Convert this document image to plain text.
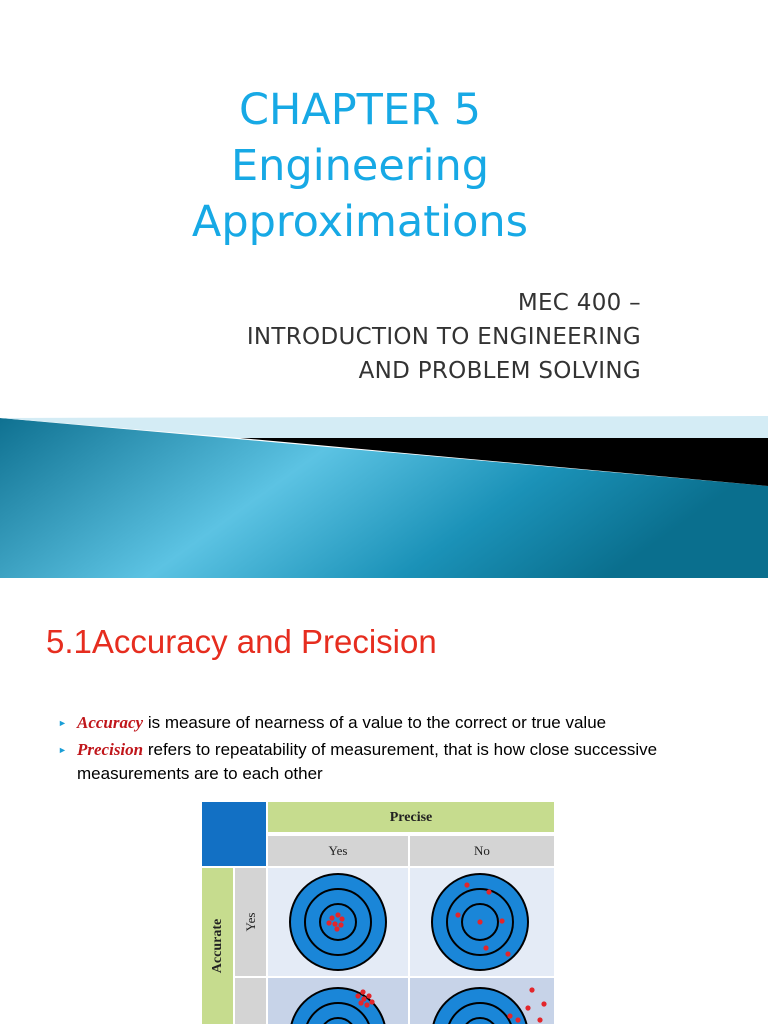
CHAPTER 5
Engineering
Approximations
MEC 400 –
INTRODUCTION TO ENGINEERING
AND PROBLEM SOLVING
5.1Accuracy and Precision
► Accuracy is measure of nearness of a value to the correct or true value
► Precision refers to repeatability of measurement, that is how close successive measurements are to each other
Precise
Yes	No
Accurate Yes
